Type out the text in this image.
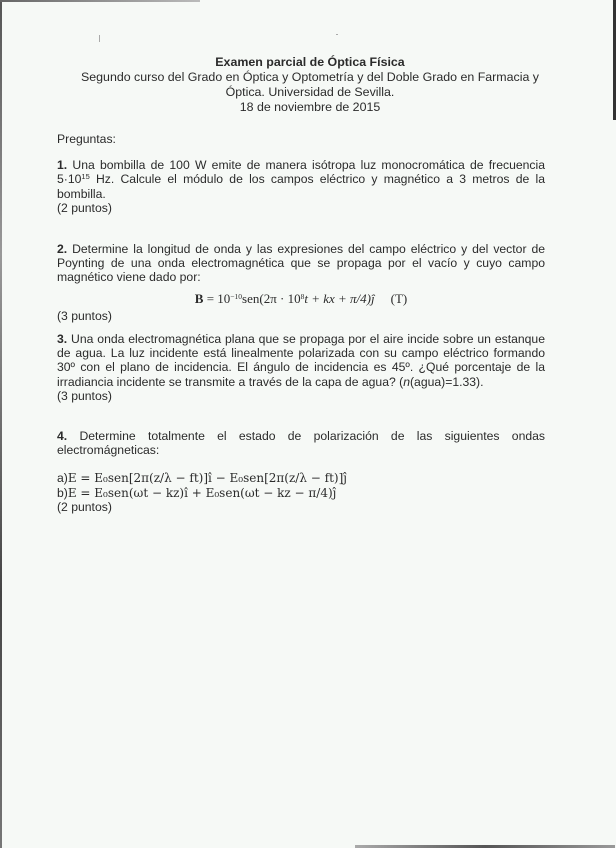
Examen parcial de Óptica Física
Segundo curso del Grado en Óptica y Optometría y del Doble Grado en Farmacia y
Óptica. Universidad de Sevilla.
18 de noviembre de 2015

Preguntas:

1. Una bombilla de 100 W emite de manera isótropa luz monocromática de frecuencia $5\cdot 10^{15}$ Hz. Calcule el módulo de los campos eléctrico y magnético a 3 metros de la bombilla.

(2 puntos)

2. Determine la longitud de onda y las expresiones del campo eléctrico y del vector de Poynting de una onda electromagnética que se propaga por el vacío y cuyo campo magnético viene dado por:

$B = 10^{-10}sen(2\pi \cdot 10^8t$ + kx + π/4)ĵ (T)

(3 puntos)

3. Una onda electromagnética plana que se propaga por el aire incide sobre un estanque de agua. La luz incidente está linealmente polarizada con su campo eléctrico formando 30º con el plano de incidencia. El ángulo de incidencia es 45º. ¿Qué porcentaje de la irradiancia incidente se transmite a través de la capa de agua? (n(agua)=1.33).

(3 puntos)

4. Determine totalmente el estado de polarización de las siguientes ondas electromágneticas:

a)E = E₀sen[2π(z/λ − ft)]î − E₀sen[2π(z/λ − ft)]ĵ
b)E = E₀sen(ωt − kz)î + E₀sen(ωt − kz − π/4)ĵ

(2 puntos)
